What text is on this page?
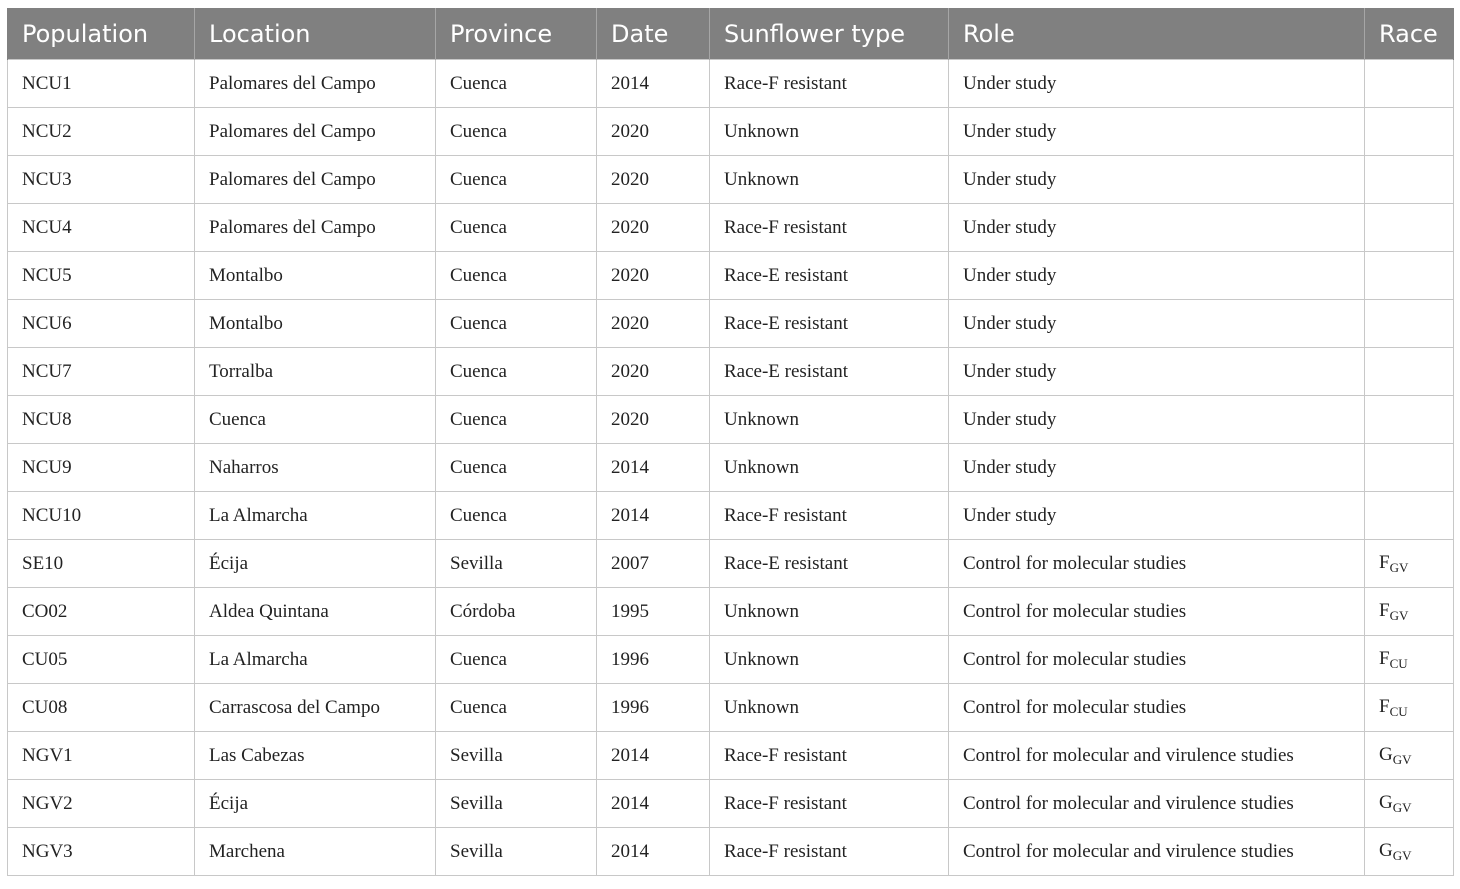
Population	Location	Province	Date	Sunflower type	Role	Race
NCU1	Palomares del Campo	Cuenca	2014	Race-F resistant	Under study	
NCU2	Palomares del Campo	Cuenca	2020	Unknown	Under study	
NCU3	Palomares del Campo	Cuenca	2020	Unknown	Under study	
NCU4	Palomares del Campo	Cuenca	2020	Race-F resistant	Under study	
NCU5	Montalbo	Cuenca	2020	Race-E resistant	Under study	
NCU6	Montalbo	Cuenca	2020	Race-E resistant	Under study	
NCU7	Torralba	Cuenca	2020	Race-E resistant	Under study	
NCU8	Cuenca	Cuenca	2020	Unknown	Under study	
NCU9	Naharros	Cuenca	2014	Unknown	Under study	
NCU10	La Almarcha	Cuenca	2014	Race-F resistant	Under study	
SE10	Écija	Sevilla	2007	Race-E resistant	Control for molecular studies	$F_{GV}$
CO02	Aldea Quintana	Córdoba	1995	Unknown	Control for molecular studies	$F_{GV}$
CU05	La Almarcha	Cuenca	1996	Unknown	Control for molecular studies	$F_{CU}$
CU08	Carrascosa del Campo	Cuenca	1996	Unknown	Control for molecular studies	$F_{CU}$
NGV1	Las Cabezas	Sevilla	2014	Race-F resistant	Control for molecular and virulence studies	$G_{GV}$
NGV2	Écija	Sevilla	2014	Race-F resistant	Control for molecular and virulence studies	$G_{GV}$
NGV3	Marchena	Sevilla	2014	Race-F resistant	Control for molecular and virulence studies	$G_{GV}$
